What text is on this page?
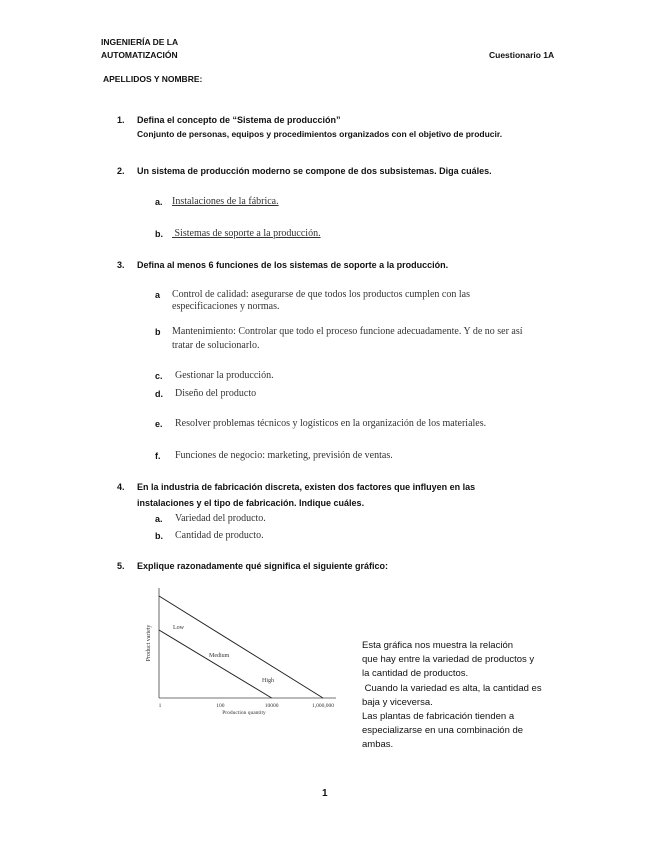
INGENIERÍA DE LA
AUTOMATIZACIÓN	Cuestionario 1A
APELLIDOS Y NOMBRE:
1. Defina el concepto de “Sistema de producción”
Conjunto de personas, equipos y procedimientos organizados con el objetivo de producir.
2. Un sistema de producción moderno se compone de dos subsistemas. Diga cuáles.
a. Instalaciones de la fábrica.
b. Sistemas de soporte a la producción.
3. Defina al menos 6 funciones de los sistemas de soporte a la producción.
a Control de calidad: asegurarse de que todos los productos cumplen con las
especificaciones y normas.
b Mantenimiento: Controlar que todo el proceso funcione adecuadamente. Y de no ser así
tratar de solucionarlo.
c. Gestionar la producción.
d. Diseño del producto
e. Resolver problemas técnicos y logísticos en la organización de los materiales.
f. Funciones de negocio: marketing, previsión de ventas.
4. En la industria de fabricación discreta, existen dos factores que influyen en las
instalaciones y el tipo de fabricación. Indique cuáles.
a. Variedad del producto.
b. Cantidad de producto.
5. Explique razonadamente qué significa el siguiente gráfico:
1	100	10000	1,000,000
Low
Medium
High
Production quantity
Product variety	Esta gráfica nos muestra la relación
que hay entre la variedad de productos y
la cantidad de productos.
Cuando la variedad es alta, la cantidad es
baja y viceversa.
Las plantas de fabricación tienden a
especializarse en una combinación de
ambas.
1
